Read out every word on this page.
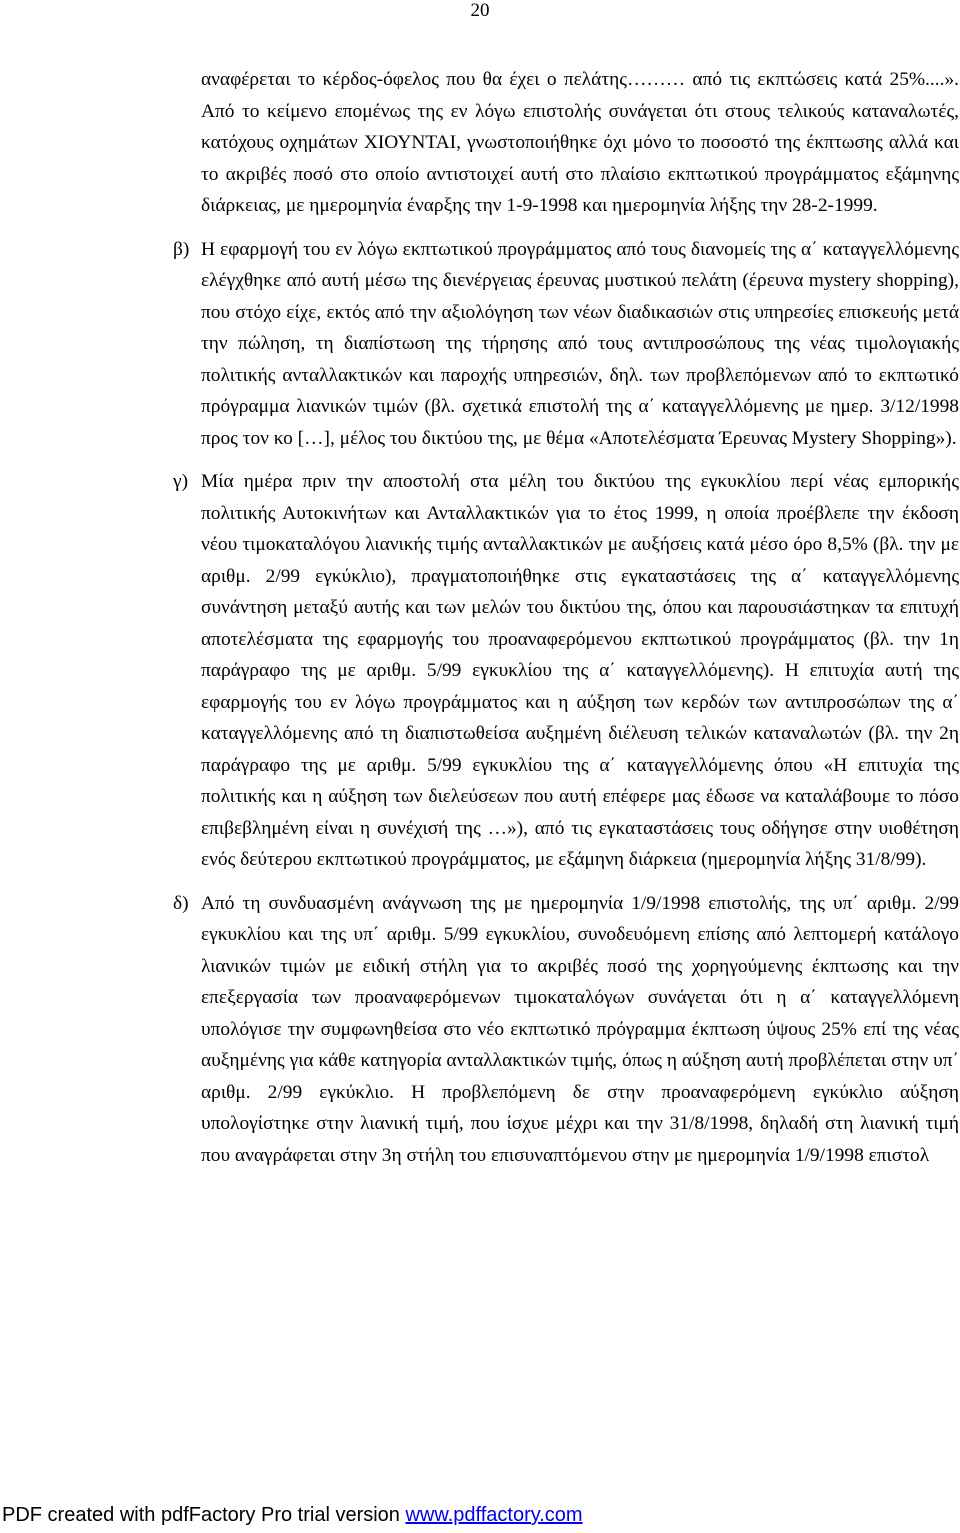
20

αναφέρεται το κέρδος-όφελος που θα έχει ο πελάτης……… από τις εκπτώσεις κατά 25%....». Από το κείμενο επομένως της εν λόγω επιστολής συνάγεται ότι στους τελικούς καταναλωτές, κατόχους οχημάτων ΧΙΟΥΝΤΑΙ, γνωστοποιήθηκε όχι μόνο το ποσοστό της έκπτωσης αλλά και το ακριβές ποσό στο οποίο αντιστοιχεί αυτή στο πλαίσιο εκπτωτικού προγράμματος εξάμηνης διάρκειας, με ημερομηνία έναρξης την 1-9-1998 και ημερομηνία λήξης την 28-2-1999.

β) Η εφαρμογή του εν λόγω εκπτωτικού προγράμματος από τους διανομείς της α΄ καταγγελλόμενης ελέγχθηκε από αυτή μέσω της διενέργειας έρευνας μυστικού πελάτη (έρευνα mystery shopping), που στόχο είχε, εκτός από την αξιολόγηση των νέων διαδικασιών στις υπηρεσίες επισκευής μετά την πώληση, τη διαπίστωση της τήρησης από τους αντιπροσώπους της νέας τιμολογιακής πολιτικής ανταλλακτικών και παροχής υπηρεσιών, δηλ. των προβλεπόμενων από το εκπτωτικό πρόγραμμα λιανικών τιμών (βλ. σχετικά επιστολή της α΄ καταγγελλόμενης με ημερ. 3/12/1998 προς τον κο […], μέλος του δικτύου της, με θέμα «Αποτελέσματα Έρευνας Mystery Shopping»).

γ) Μία ημέρα πριν την αποστολή στα μέλη του δικτύου της εγκυκλίου περί νέας εμπορικής πολιτικής Αυτοκινήτων και Ανταλλακτικών για το έτος 1999, η οποία προέβλεπε την έκδοση νέου τιμοκαταλόγου λιανικής τιμής ανταλλακτικών με αυξήσεις κατά μέσο όρο 8,5% (βλ. την με αριθμ. 2/99 εγκύκλιο), πραγματοποιήθηκε στις εγκαταστάσεις της α΄ καταγγελλόμενης συνάντηση μεταξύ αυτής και των μελών του δικτύου της, όπου και παρουσιάστηκαν τα επιτυχή αποτελέσματα της εφαρμογής του προαναφερόμενου εκπτωτικού προγράμματος (βλ. την 1η παράγραφο της με αριθμ. 5/99 εγκυκλίου της α΄ καταγγελλόμενης). Η επιτυχία αυτή της εφαρμογής του εν λόγω προγράμματος και η αύξηση των κερδών των αντιπροσώπων της α΄ καταγγελλόμενης από τη διαπιστωθείσα αυξημένη διέλευση τελικών καταναλωτών (βλ. την 2η παράγραφο της με αριθμ. 5/99 εγκυκλίου της α΄ καταγγελλόμενης όπου «Η επιτυχία της πολιτικής και η αύξηση των διελεύσεων που αυτή επέφερε μας έδωσε να καταλάβουμε το πόσο επιβεβλημένη είναι η συνέχισή της …»), από τις εγκαταστάσεις τους οδήγησε στην υιοθέτηση ενός δεύτερου εκπτωτικού προγράμματος, με εξάμηνη διάρκεια (ημερομηνία λήξης 31/8/99).

δ) Από τη συνδυασμένη ανάγνωση της με ημερομηνία 1/9/1998 επιστολής, της υπ΄ αριθμ. 2/99 εγκυκλίου και της υπ΄ αριθμ. 5/99 εγκυκλίου, συνοδευόμενη επίσης από λεπτομερή κατάλογο λιανικών τιμών με ειδική στήλη για το ακριβές ποσό της χορηγούμενης έκπτωσης και την επεξεργασία των προαναφερόμενων τιμοκαταλόγων συνάγεται ότι η α΄ καταγγελλόμενη υπολόγισε την συμφωνηθείσα στο νέο εκπτωτικό πρόγραμμα έκπτωση ύψους 25% επί της νέας αυξημένης για κάθε κατηγορία ανταλλακτικών τιμής, όπως η αύξηση αυτή προβλέπεται στην υπ΄ αριθμ. 2/99 εγκύκλιο. Η προβλεπόμενη δε στην προαναφερόμενη εγκύκλιο αύξηση υπολογίστηκε στην λιανική τιμή, που ίσχυε μέχρι και την 31/8/1998, δηλαδή στη λιανική τιμή που αναγράφεται στην 3η στήλη του επισυναπτόμενου στην με ημερομηνία 1/9/1998 επιστολ

PDF created with pdfFactory Pro trial version www.pdffactory.com
